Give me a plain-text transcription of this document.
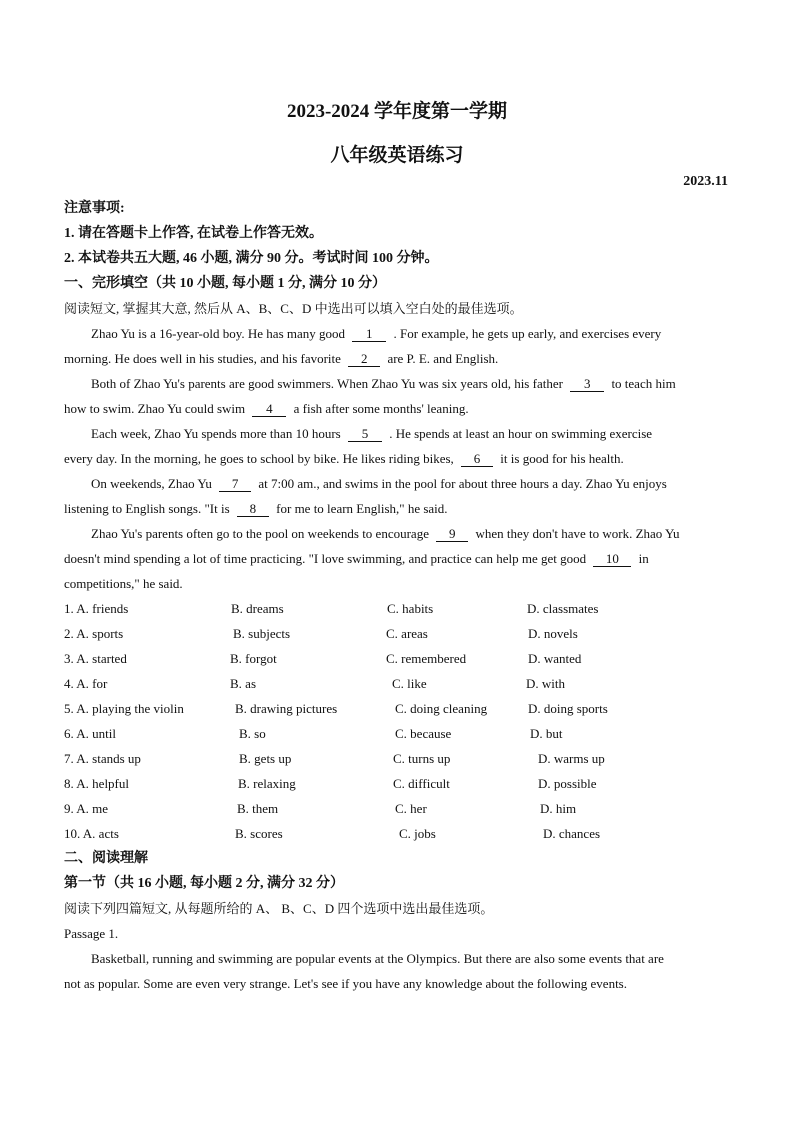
2023-2024 学年度第一学期
八年级英语练习
2023.11
注意事项:
1. 请在答题卡上作答, 在试卷上作答无效。
2. 本试卷共五大题, 46 小题, 满分 90 分。考试时间 100 分钟。
一、完形填空（共 10 小题, 每小题 1 分, 满分 10 分）
阅读短文, 掌握其大意, 然后从 A、B、C、D 中选出可以填入空白处的最佳选项。
Zhao Yu is a 16-year-old boy. He has many good 1 . For example, he gets up early, and exercises every
morning. He does well in his studies, and his favorite 2 are P. E. and English.
Both of Zhao Yu's parents are good swimmers. When Zhao Yu was six years old, his father 3 to teach him
how to swim. Zhao Yu could swim 4 a fish after some months' leaning.
Each week, Zhao Yu spends more than 10 hours 5 . He spends at least an hour on swimming exercise
every day. In the morning, he goes to school by bike. He likes riding bikes, 6 it is good for his health.
On weekends, Zhao Yu 7 at 7:00 am., and swims in the pool for about three hours a day. Zhao Yu enjoys
listening to English songs. "It is 8 for me to learn English," he said.
Zhao Yu's parents often go to the pool on weekends to encourage 9 when they don't have to work. Zhao Yu
doesn't mind spending a lot of time practicing. "I love swimming, and practice can help me get good 10 in
competitions," he said.
1. A. friends	B. dreams	C. habits	D. classmates
2. A. sports	B. subjects	C. areas	D. novels
3. A. started	B. forgot	C. remembered	D. wanted
4. A. for	B. as	C. like	D. with
5. A. playing the violin	B. drawing pictures	C. doing cleaning	D. doing sports
6. A. until	B. so	C. because	D. but
7. A. stands up	B. gets up	C. turns up	D. warms up
8. A. helpful	B. relaxing	C. difficult	D. possible
9. A. me	B. them	C. her	D. him
10. A. acts	B. scores	C. jobs	D. chances
二、阅读理解
第一节（共 16 小题, 每小题 2 分, 满分 32 分）
阅读下列四篇短文, 从每题所给的 A、 B、C、D 四个选项中选出最佳选项。
Passage 1.
Basketball, running and swimming are popular events at the Olympics. But there are also some events that are
not as popular. Some are even very strange. Let's see if you have any knowledge about the following events.
